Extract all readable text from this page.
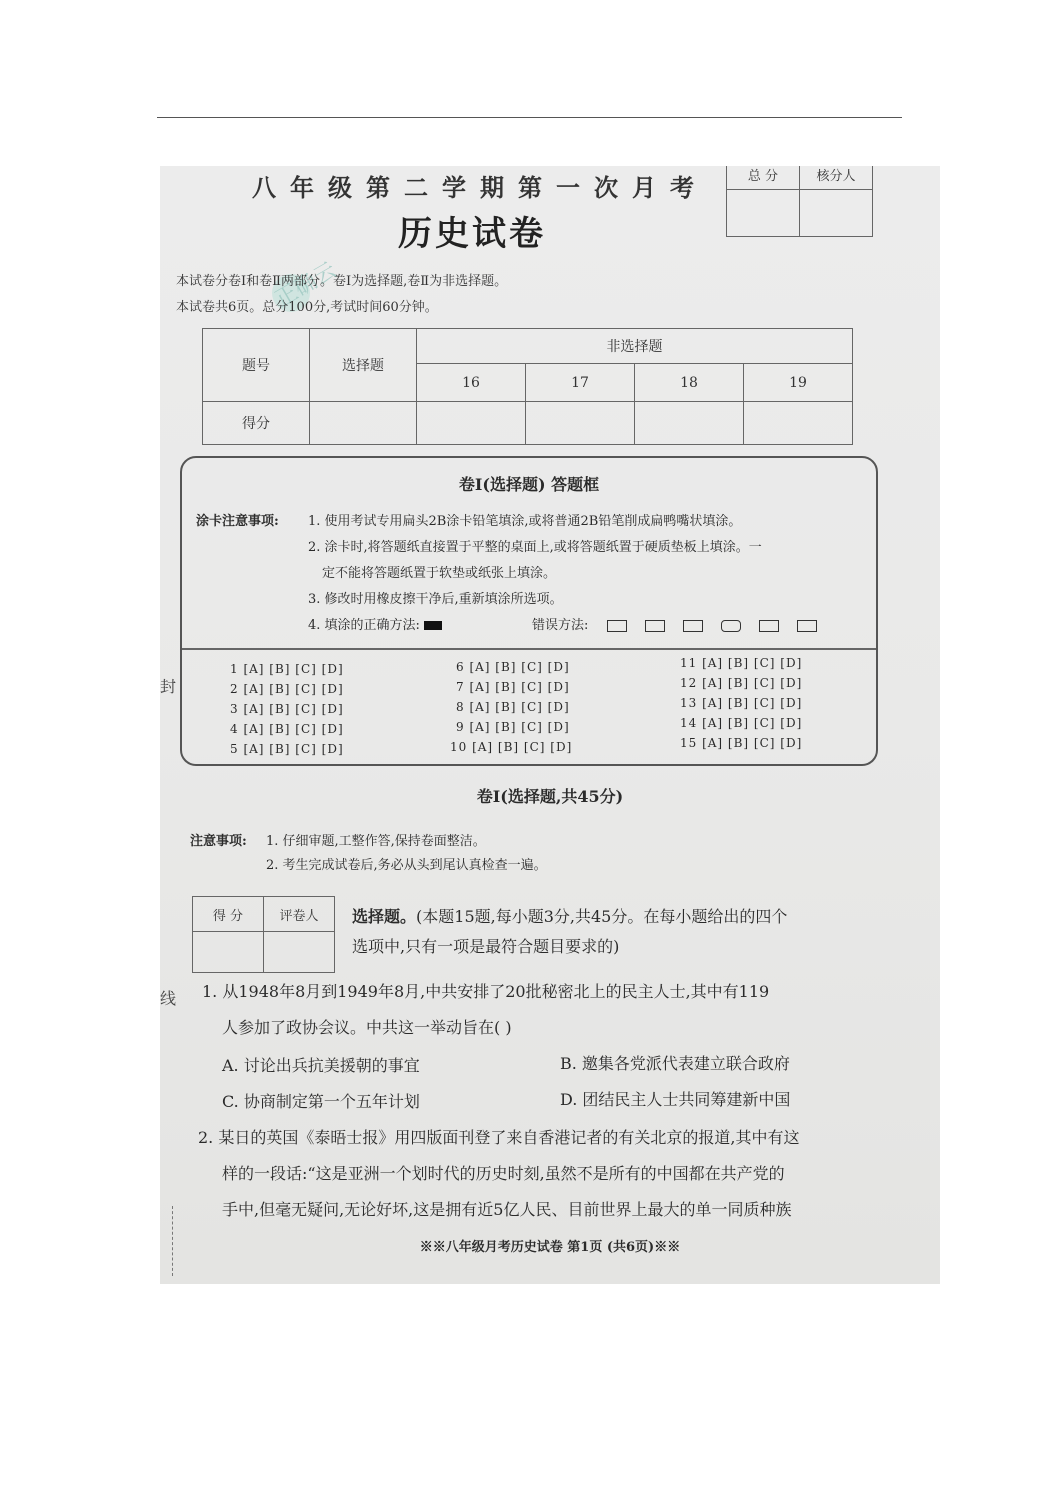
正确云
八年级第二学期第一次月考
历史试卷
总 分	核分人

本试卷分卷Ⅰ和卷Ⅱ两部分。卷Ⅰ为选择题,卷Ⅱ为非选择题。
本试卷共6页。总分100分,考试时间60分钟。
题号	选择题	非选择题			
		16	17	18	19
得分					
卷Ⅰ(选择题) 答题框
涂卡注意事项: 1. 使用考试专用扁头2B涂卡铅笔填涂,或将普通2B铅笔削成扁鸭嘴状填涂。
2. 涂卡时,将答题纸直接置于平整的桌面上,或将答题纸置于硬质垫板上填涂。一
定不能将答题纸置于软垫或纸张上填涂。
3. 修改时用橡皮擦干净后,重新填涂所选项。
4. 填涂的正确方法:	错误方法:
1 [A] [B] [C] [D]
2 [A] [B] [C] [D]
3 [A] [B] [C] [D]
4 [A] [B] [C] [D]
5 [A] [B] [C] [D]
6 [A] [B] [C] [D]
7 [A] [B] [C] [D]
8 [A] [B] [C] [D]
9 [A] [B] [C] [D]
10 [A] [B] [C] [D]
11 [A] [B] [C] [D]
12 [A] [B] [C] [D]
13 [A] [B] [C] [D]
14 [A] [B] [C] [D]
15 [A] [B] [C] [D]
卷Ⅰ(选择题,共45分)
注意事项: 1. 仔细审题,工整作答,保持卷面整洁。
2. 考生完成试卷后,务必从头到尾认真检查一遍。
得 分	评卷人
	选择题。(本题15题,每小题3分,共45分。在每小题给出的四个
选项中,只有一项是最符合题目要求的)
1. 从1948年8月到1949年8月,中共安排了20批秘密北上的民主人士,其中有119
人参加了政协会议。中共这一举动旨在( )
A. 讨论出兵抗美援朝的事宜	B. 邀集各党派代表建立联合政府
C. 协商制定第一个五年计划	D. 团结民主人士共同筹建新中国
2. 某日的英国《泰晤士报》用四版面刊登了来自香港记者的有关北京的报道,其中有这
样的一段话:“这是亚洲一个划时代的历史时刻,虽然不是所有的中国都在共产党的
手中,但毫无疑问,无论好坏,这是拥有近5亿人民、目前世界上最大的单一同质种族
※※八年级月考历史试卷 第1页 (共6页)※※
封
线
